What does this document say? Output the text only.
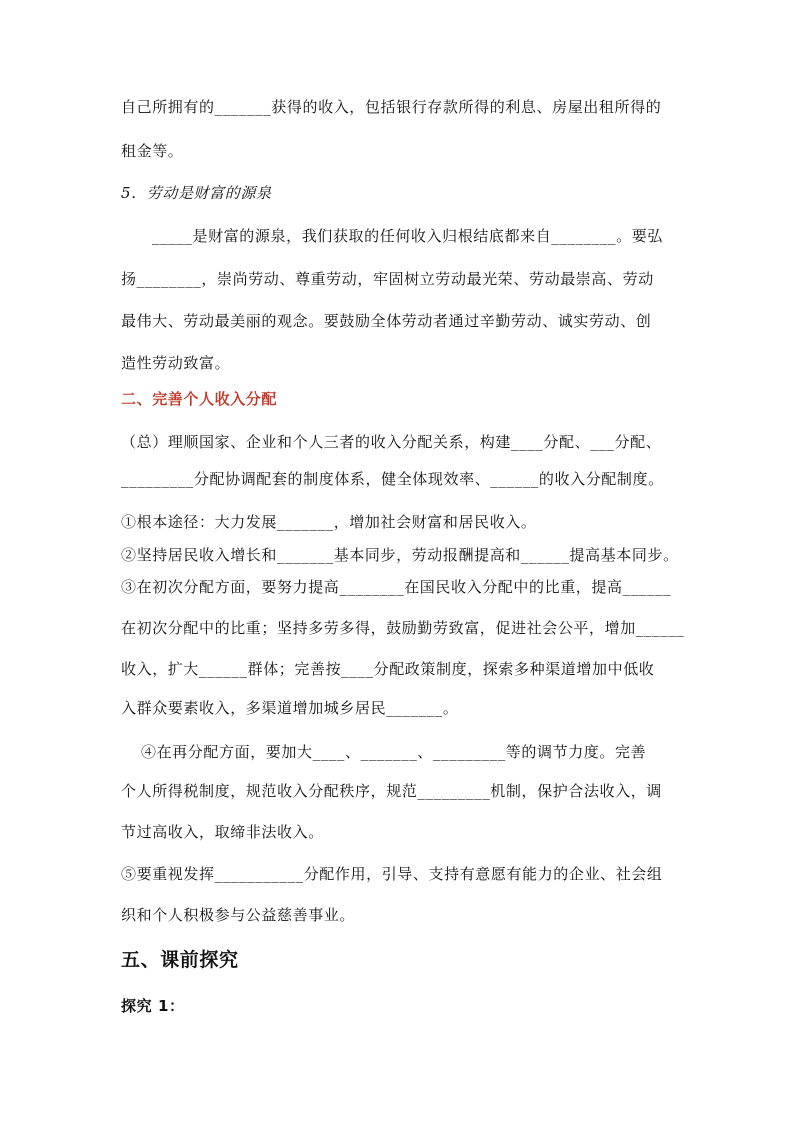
自己所拥有的_______获得的收入，包括银行存款所得的利息、房屋出租所得的
租金等。
5．劳动是财富的源泉
_____是财富的源泉，我们获取的任何收入归根结底都来自________。要弘
扬________，崇尚劳动、尊重劳动，牢固树立劳动最光荣、劳动最崇高、劳动
最伟大、劳动最美丽的观念。要鼓励全体劳动者通过辛勤劳动、诚实劳动、创
造性劳动致富。
二、完善个人收入分配
（总）理顺国家、企业和个人三者的收入分配关系，构建____分配、___分配、
_________分配协调配套的制度体系，健全体现效率、______的收入分配制度。
①根本途径：大力发展_______，增加社会财富和居民收入。
②坚持居民收入增长和_______基本同步，劳动报酬提高和______提高基本同步。
③在初次分配方面，要努力提高________在国民收入分配中的比重，提高______
在初次分配中的比重；坚持多劳多得，鼓励勤劳致富，促进社会公平，增加______
收入，扩大______群体；完善按____分配政策制度，探索多种渠道增加中低收
入群众要素收入，多渠道增加城乡居民_______。
④在再分配方面，要加大____、_______、_________等的调节力度。完善
个人所得税制度，规范收入分配秩序，规范_________机制，保护合法收入，调
节过高收入，取缔非法收入。
⑤要重视发挥___________分配作用，引导、支持有意愿有能力的企业、社会组
织和个人积极参与公益慈善事业。
五、课前探究
探究 1：
